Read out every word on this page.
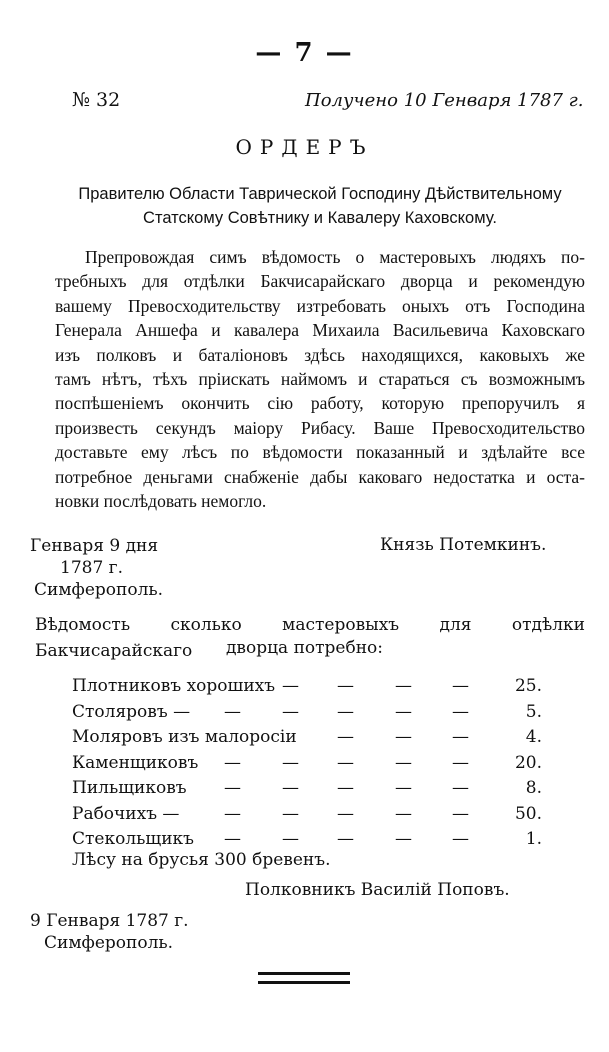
— 7 —
№ 32	Получено 10 Генваря 1787 г.
ОРДЕРЪ
Правителю Области Таврической Господину Дѣйствительному
Статскому Совѣтнику и Кавалеру Каховскому.
Препровождая симъ вѣдомость о мастеровыхъ людяхъ по-
требныхъ для отдѣлки Бакчисарайскаго дворца и рекомендую
вашему Превосходительству изтребовать оныхъ отъ Господина
Генерала Аншефа и кавалера Михаила Васильевича Каховскаго
изъ полковъ и баталіоновъ здѣсь находящихся, каковыхъ же
тамъ нѣтъ, тѣхъ пріискать наймомъ и стараться съ возможнымъ
поспѣшеніемъ окончить сію работу, которую препоручилъ я
произвесть секундъ маіору Рибасу. Ваше Превосходительство
доставьте ему лѣсъ по вѣдомости показанный и здѣлайте все
потребное деньгами снабженіе дабы каковаго недостатка и оста-
новки послѣдовать немогло.
Генваря 9 дня
1787 г.
Симферополь.
Князь Потемкинъ.
Вѣдомость сколько мастеровыхъ для отдѣлки Бакчисарайскаго	дворца потребно:
Плотниковъ хорошихъ — — — —	25.
Столяровъ — — — — — —	5.
Моляровъ изъ малоросіи — — —	4.
Каменщиковъ — — — — —	20.
Пильщиковъ — — — — —	8.
Рабочихъ —	— — — — —	50.
Стекольщикъ — — — — —	1.
Лѣсу на брусья 300 бревенъ.
Полковникъ Василій Поповъ.
9 Генваря 1787 г.
Симферополь.
